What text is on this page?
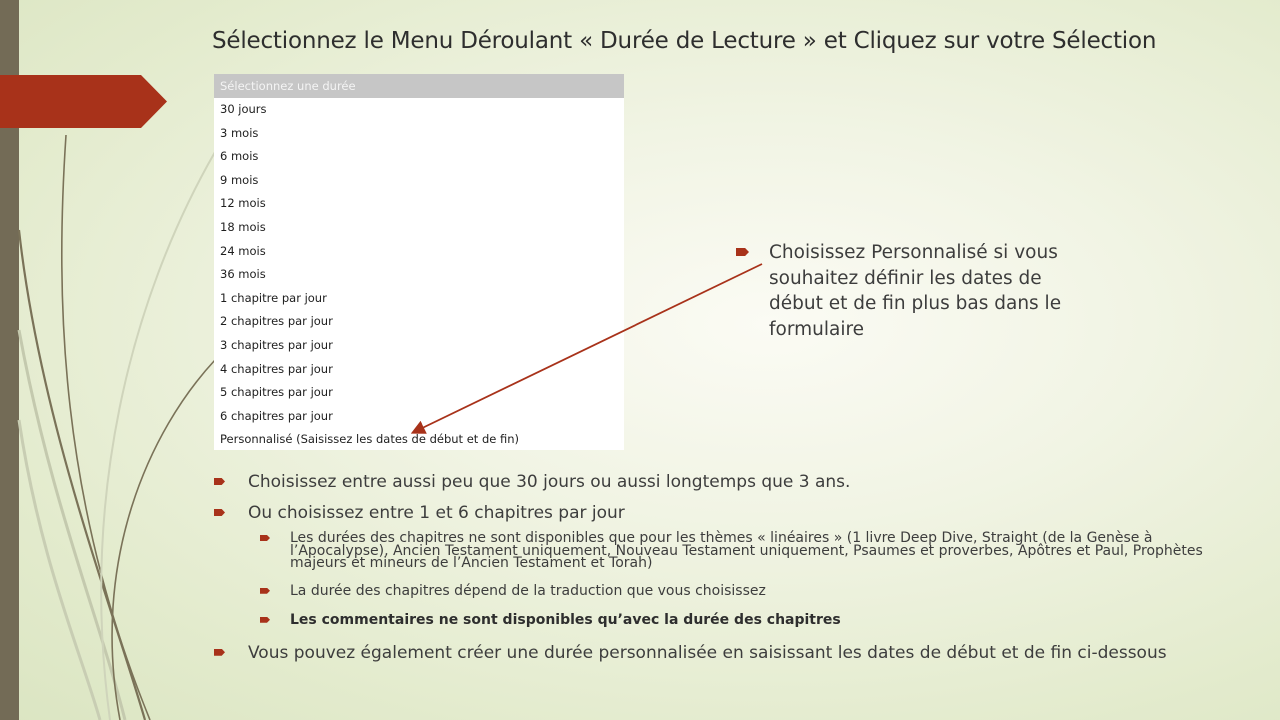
Sélectionnez le Menu Déroulant « Durée de Lecture » et Cliquez sur votre Sélection
Sélectionnez une durée
30 jours
3 mois
6 mois
9 mois
12 mois
18 mois
24 mois
36 mois
1 chapitre par jour
2 chapitres par jour
3 chapitres par jour
4 chapitres par jour
5 chapitres par jour
6 chapitres par jour
Personnalisé (Saisissez les dates de début et de fin)
Choisissez Personnalisé si vous souhaitez définir les dates de début et de fin plus bas dans le formulaire
Choisissez entre aussi peu que 30 jours ou aussi longtemps que 3 ans.
Ou choisissez entre 1 et 6 chapitres par jour
Les durées des chapitres ne sont disponibles que pour les thèmes « linéaires » (1 livre Deep Dive, Straight (de la Genèse à l’Apocalypse), Ancien Testament uniquement, Nouveau Testament uniquement, Psaumes et proverbes, Apôtres et Paul, Prophètes majeurs et mineurs de l’Ancien Testament et Torah)
La durée des chapitres dépend de la traduction que vous choisissez
Les commentaires ne sont disponibles qu’avec la durée des chapitres
Vous pouvez également créer une durée personnalisée en saisissant les dates de début et de fin ci-dessous
